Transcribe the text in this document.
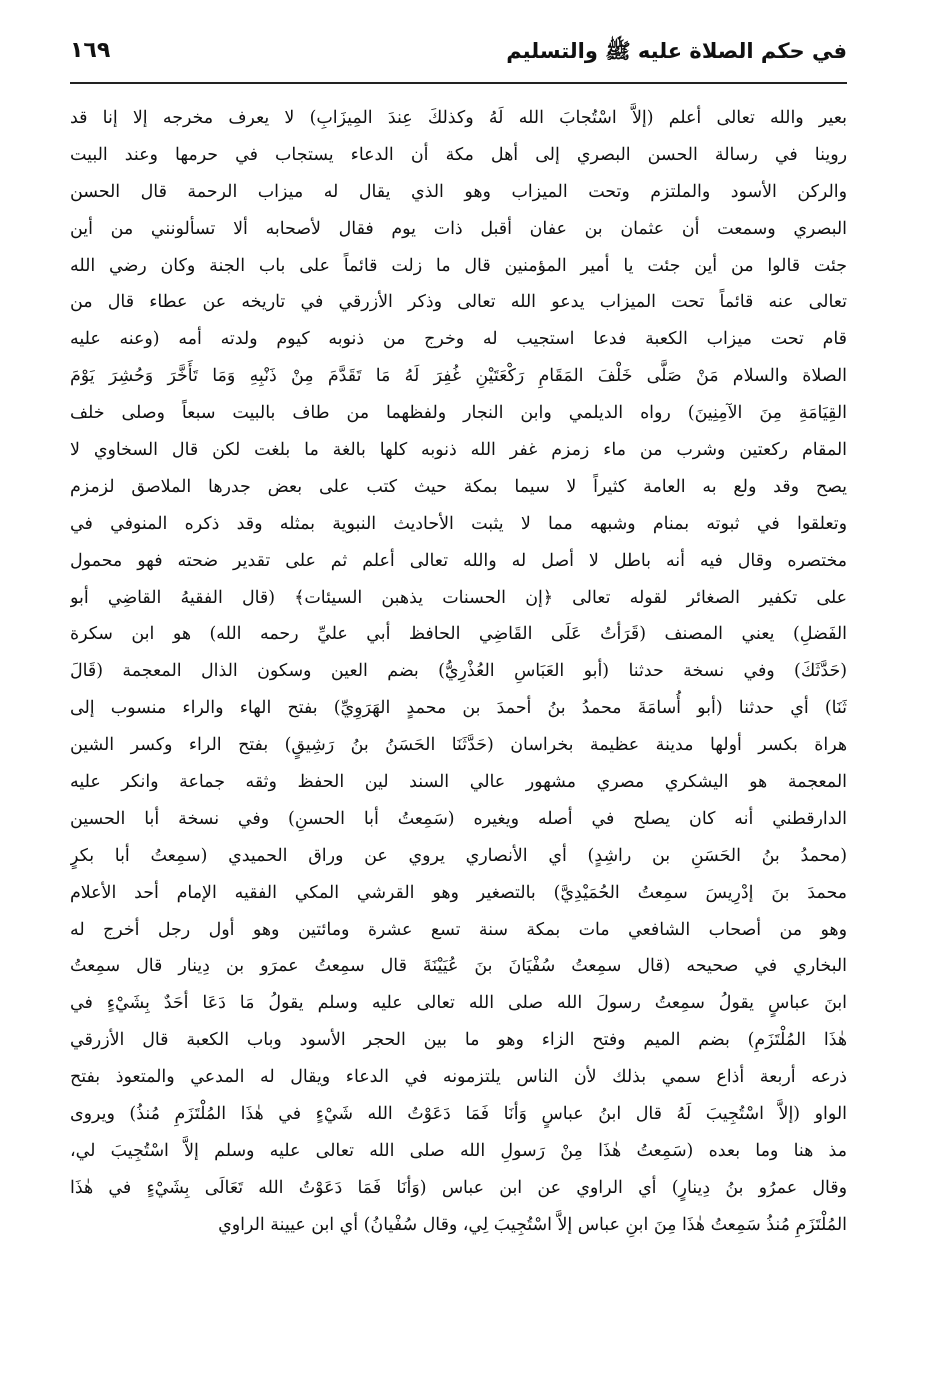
في حكم الصلاة عليه ﷺ والتسليم
١٦٩
بعير والله تعالى أعلم (إلاَّ اسْتُجابَ الله لَهُ وكذلكَ عِندَ المِيزَابِ) لا يعرف مخرجه إلا إنا قد
روينا في رسالة الحسن البصري إلى أهل مكة أن الدعاء يستجاب في حرمها وعند البيت
والركن الأسود والملتزم وتحت الميزاب وهو الذي يقال له ميزاب الرحمة قال الحسن
البصري وسمعت أن عثمان بن عفان أقبل ذات يوم فقال لأصحابه ألا تسألونني من أين
جئت قالوا من أين جئت يا أمير المؤمنين قال ما زلت قائماً على باب الجنة وكان رضي الله
تعالى عنه قائماً تحت الميزاب يدعو الله تعالى وذكر الأزرقي في تاريخه عن عطاء قال من
قام تحت ميزاب الكعبة فدعا استجيب له وخرج من ذنوبه كيوم ولدته أمه (وعنه عليه
الصلاة والسلام مَنْ صَلَّى خَلْفَ المَقَامِ رَكْعَتَيْنِ غُفِرَ لَهُ مَا تَقَدَّمَ مِنْ ذَنْبِهِ وَمَا تَأَخَّرَ وَحُشِرَ يَوْمَ
القِيَامَةِ مِنَ الآمِنِينَ) رواه الديلمي وابن النجار ولفظهما من طاف بالبيت سبعاً وصلى خلف
المقام ركعتين وشرب من ماء زمزم غفر الله ذنوبه كلها بالغة ما بلغت لكن قال السخاوي لا
يصح وقد ولع به العامة كثيراً لا سيما بمكة حيث كتب على بعض جدرها الملاصق لزمزم
وتعلقوا في ثبوته بمنام وشبهه مما لا يثبت الأحاديث النبوية بمثله وقد ذكره المنوفي في
مختصره وقال فيه أنه باطل لا أصل له والله تعالى أعلم ثم على تقدير ضحته فهو محمول
على تكفير الصغائر لقوله تعالى ﴿إن الحسنات يذهبن السيئات﴾ (قال الفقيهُ القاضِي أبو
الفَضلِ) يعني المصنف (قَرَأتُ عَلَى القَاضِي الحافظ أبي عليِّ رحمه الله) هو ابن سكرة
(حَدَّثَكَ) وفي نسخة حدثنا (أبو العَبَاسِ العُذْرِيُّ) بضم العين وسكون الذال المعجمة (قَالَ
ثَنَا) أي حدثنا (أبو أُسامَةَ محمدُ بنُ أحمدَ بن محمدٍ الهَرَوِيِّ) بفتح الهاء والراء منسوب إلى
هراة بكسر أولها مدينة عظيمة بخراسان (حَدَّثَنَا الحَسَنُ بنُ رَشِيقٍ) بفتح الراء وكسر الشين
المعجمة هو اليشكري مصري مشهور عالي السند لين الحفظ وثقه جماعة وانكر عليه
الدارقطني أنه كان يصلح في أصله ويغيره (سَمِعتُ أبا الحسنِ) وفي نسخة أبا الحسين
(محمدُ بنُ الحَسَنِ بن راشِدٍ) أي الأنصاري يروي عن وراق الحميدي (سمِعتُ أبا بكرٍ
محمدَ بنَ إدْرِيسَ سمِعتُ الحُمَيْدِيَّ) بالتصغير وهو القرشي المكي الفقيه الإمام أحد الأعلام
وهو من أصحاب الشافعي مات بمكة سنة تسع عشرة ومائتين وهو أول رجل أخرج له
البخاري في صحيحه (قال سمِعتُ سُفْيَانَ بنَ عُيَيْنَةَ قال سمِعتُ عمرَو بن دِينار قال سمِعتُ
ابنَ عباسٍ يقولُ سمِعتُ رسولَ الله صلى الله تعالى عليه وسلم يقولُ مَا دَعَا أحَدٌ بِشَيْءٍ في
هٰذَا المُلْتَزَمِ) بضم الميم وفتح الزاء وهو ما بين الحجر الأسود وباب الكعبة قال الأزرقي
ذرعه أربعة أذاع سمي بذلك لأن الناس يلتزمونه في الدعاء ويقال له المدعي والمتعوذ بفتح
الواو (إلاَّ اسْتُجِيبَ لَهُ قال ابنُ عباسٍ وَأنَا فَمَا دَعَوْتُ الله شَيْءٍ في هٰذَا المُلْتَزَمِ مُنذُ) ويروى
مذ هنا وما بعده (سَمِعتُ هٰذَا مِنْ رَسولِ الله صلى الله تعالى عليه وسلم إلاَّ اسْتُجِيبَ لي،
وقال عمرُو بنُ دِينارٍ) أي الراوي عن ابن عباس (وَأنَا فَمَا دَعَوْتُ الله تَعَالَى بِشَيْءٍ في هٰذَا
المُلْتَزَمِ مُنذُ سَمِعتُ هٰذَا مِنَ ابنِ عباس إلاَّ اسْتُجِيبَ لِي، وقال سُفْيانُ) أي ابن عيينة الراوي
